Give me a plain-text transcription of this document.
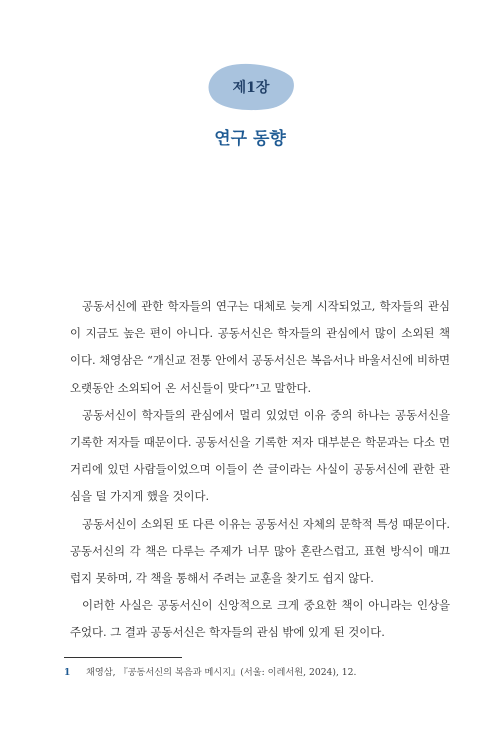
제1장
연구 동향

공동서신에 관한 학자들의 연구는 대체로 늦게 시작되었고, 학자들의 관심이 지금도 높은 편이 아니다. 공동서신은 학자들의 관심에서 많이 소외된 책이다. 채영삼은 “개신교 전통 안에서 공동서신은 복음서나 바울서신에 비하면 오랫동안 소외되어 온 서신들이 맞다”¹고 말한다.

공동서신이 학자들의 관심에서 멀리 있었던 이유 중의 하나는 공동서신을 기록한 저자들 때문이다. 공동서신을 기록한 저자 대부분은 학문과는 다소 먼 거리에 있던 사람들이었으며 이들이 쓴 글이라는 사실이 공동서신에 관한 관심을 덜 가지게 했을 것이다.

공동서신이 소외된 또 다른 이유는 공동서신 자체의 문학적 특성 때문이다. 공동서신의 각 책은 다루는 주제가 너무 많아 혼란스럽고, 표현 방식이 매끄럽지 못하며, 각 책을 통해서 주려는 교훈을 찾기도 쉽지 않다.

이러한 사실은 공동서신이 신앙적으로 크게 중요한 책이 아니라는 인상을 주었다. 그 결과 공동서신은 학자들의 관심 밖에 있게 된 것이다.

1 채영삼, 『공동서신의 복음과 메시지』(서울: 이레서원, 2024), 12.
